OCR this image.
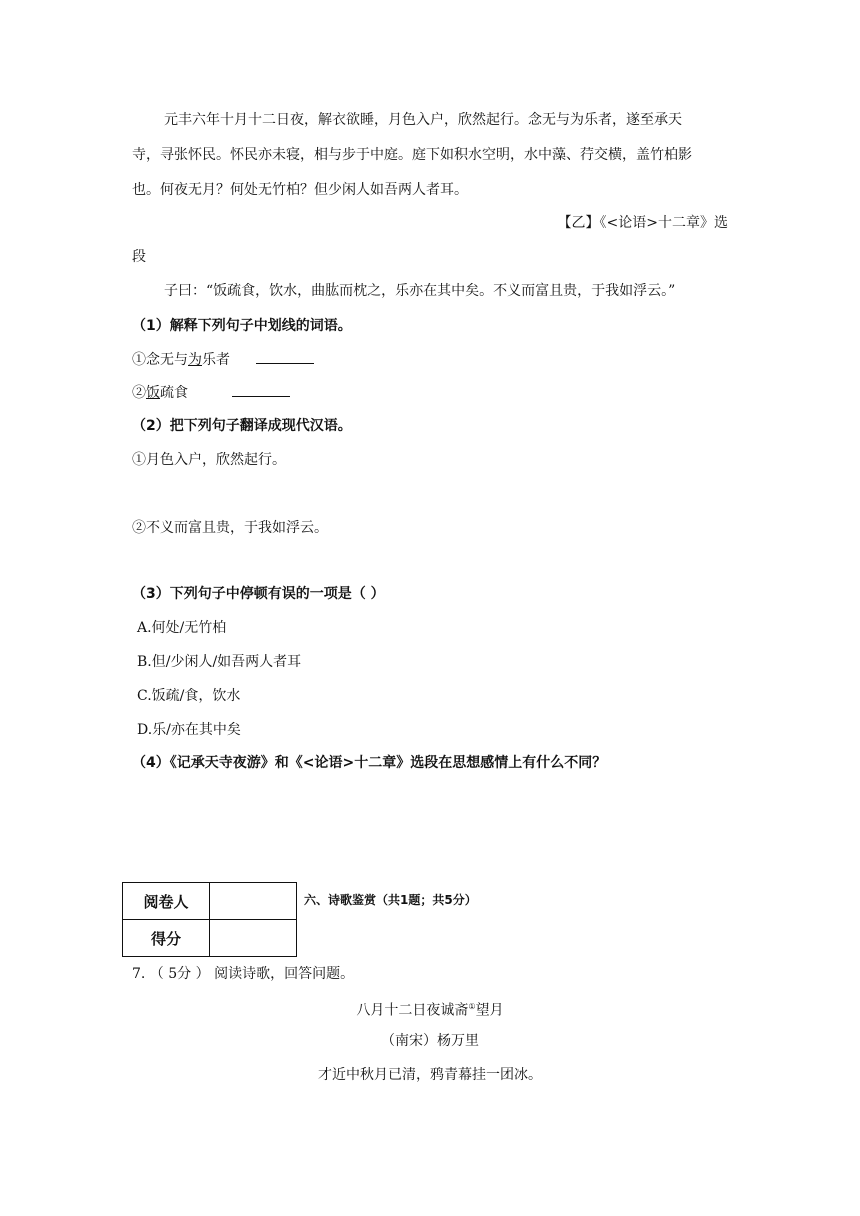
元丰六年十月十二日夜，解衣欲睡，月色入户，欣然起行。念无与为乐者，遂至承天
寺，寻张怀民。怀民亦未寝，相与步于中庭。庭下如积水空明，水中藻、荇交横，盖竹柏影
也。何夜无月？何处无竹柏？但少闲人如吾两人者耳。
【乙】《<论语>十二章》选
段
子曰：“饭疏食，饮水，曲肱而枕之，乐亦在其中矣。不义而富且贵，于我如浮云。”
（1）解释下列句子中划线的词语。
①念无与为乐者
②饭疏食
（2）把下列句子翻译成现代汉语。
①月色入户，欣然起行。
②不义而富且贵，于我如浮云。
（3）下列句子中停顿有误的一项是（ ）
A.何处/无竹柏
B.但/少闲人/如吾两人者耳
C.饭疏/食，饮水
D.乐/亦在其中矣
（4）《记承天寺夜游》和《<论语>十二章》选段在思想感情上有什么不同？
阅卷人	
得分	
六、诗歌鉴赏（共1题；共5分）
7. （ 5分 ） 阅读诗歌，回答问题。
八月十二日夜诚斋①望月
（南宋）杨万里
才近中秋月已清，鸦青幕挂一团冰。
